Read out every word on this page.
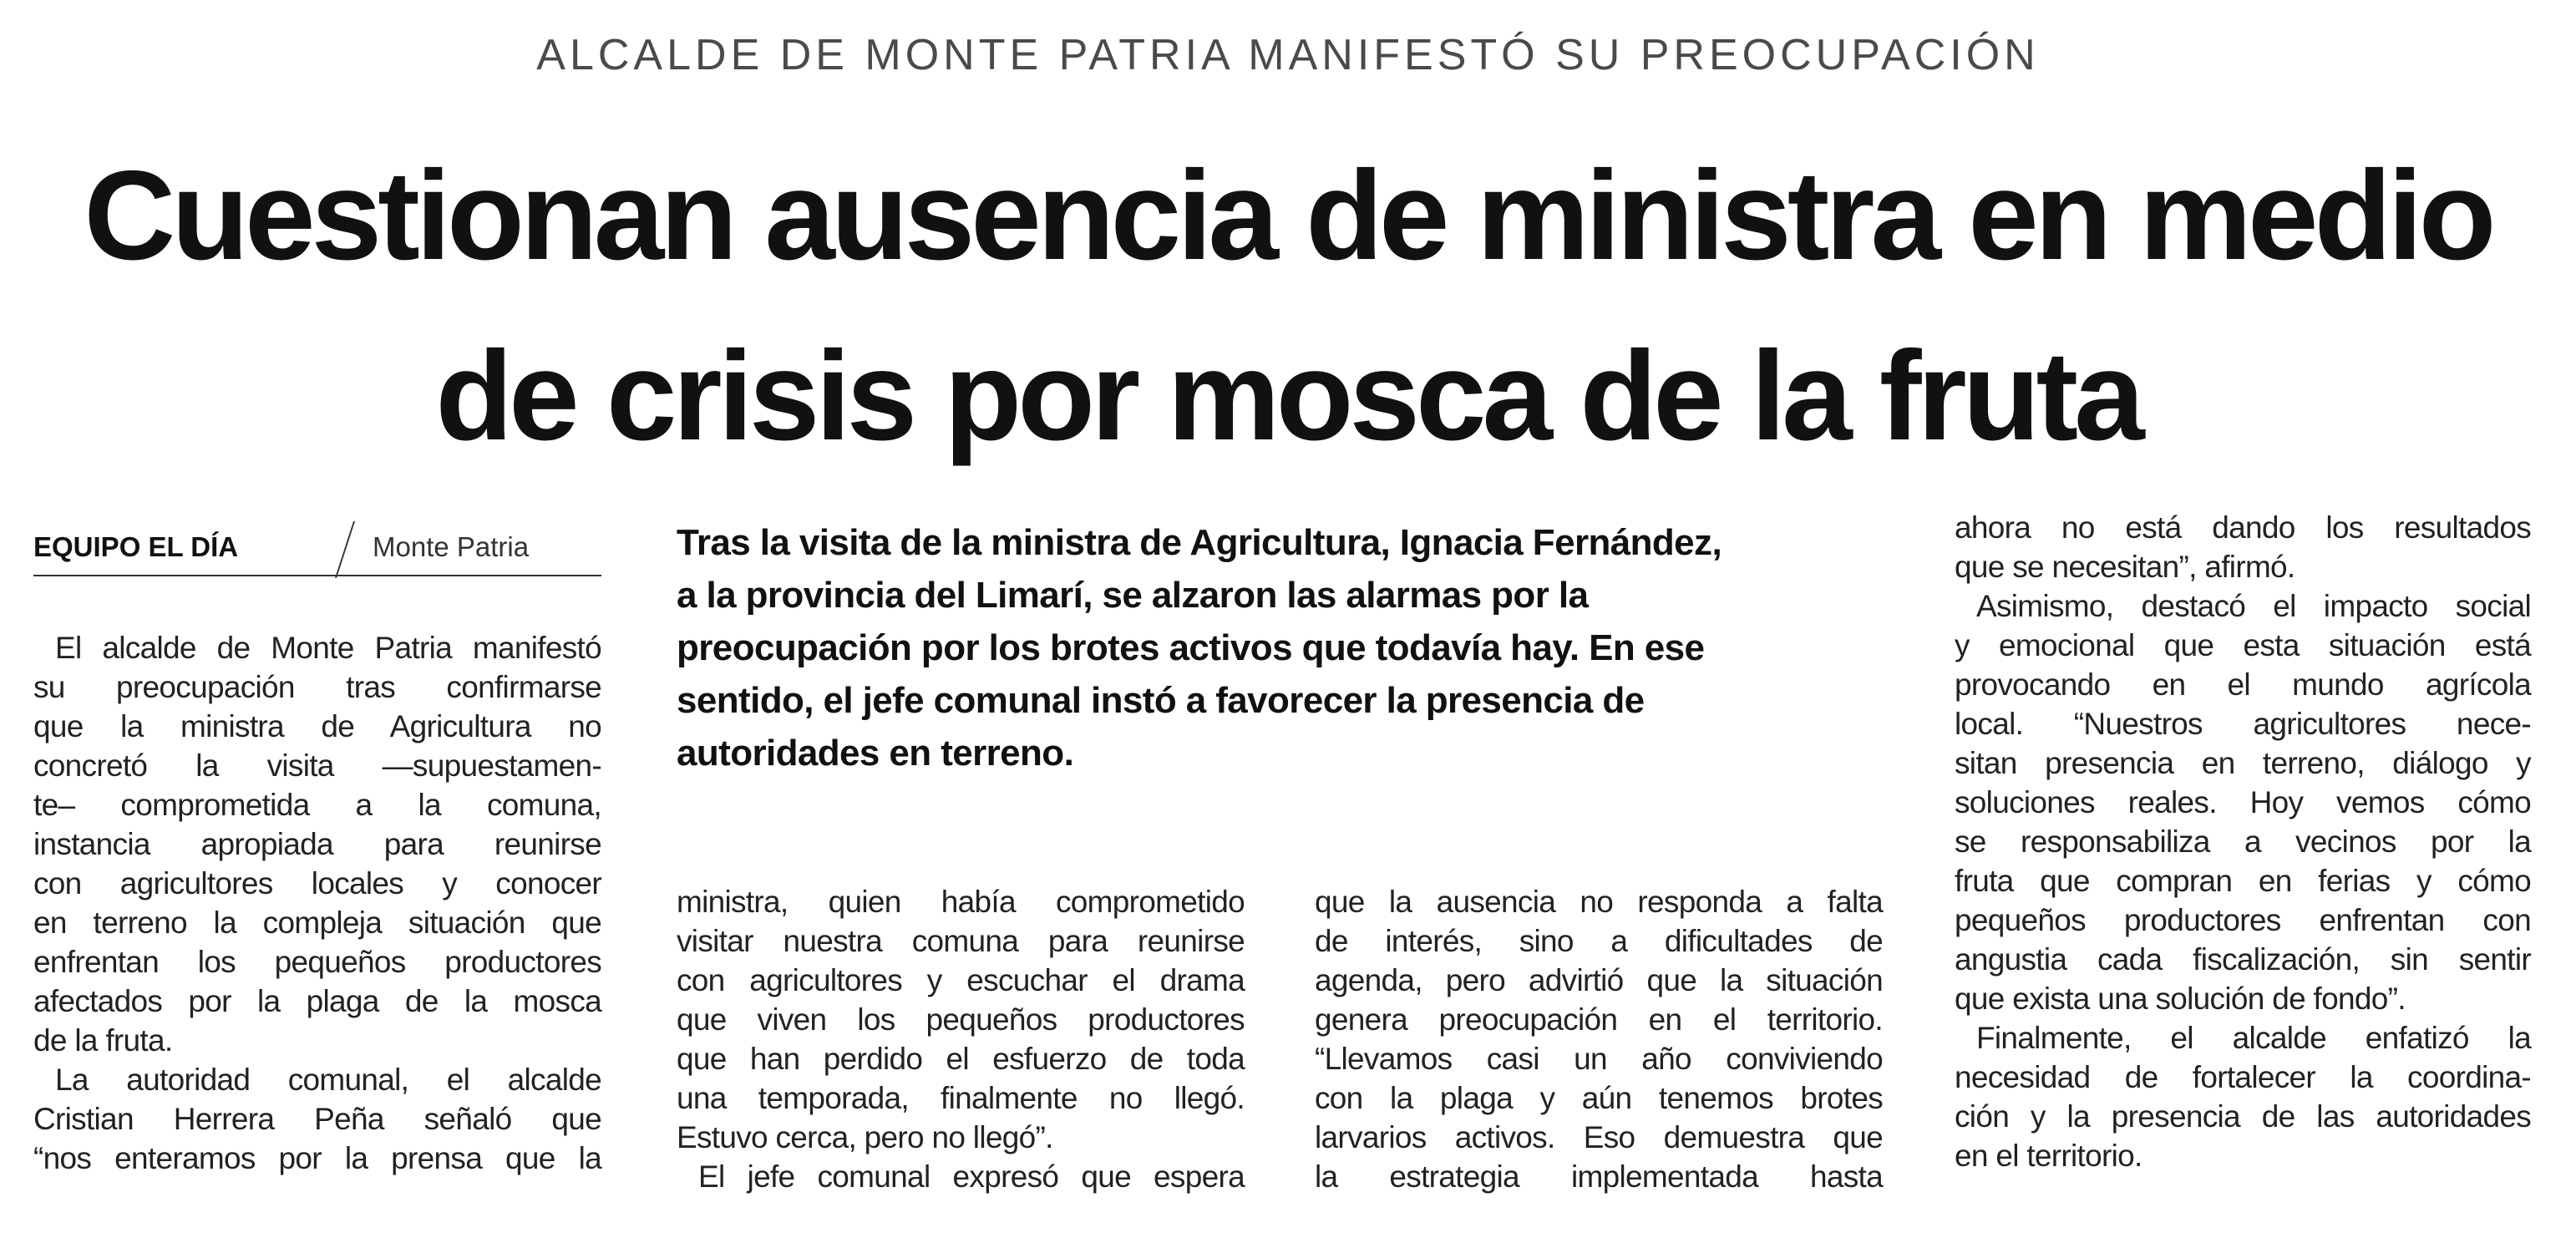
ALCALDE DE MONTE PATRIA MANIFESTÓ SU PREOCUPACIÓN
Cuestionan ausencia de ministra en medio
de crisis por mosca de la fruta
EQUIPO EL DÍA	Monte Patria	Tras la visita de la ministra de Agricultura, Ignacia Fernández,
a la provincia del Limarí, se alzaron las alarmas por la
preocupación por los brotes activos que todavía hay. En ese
sentido, el jefe comunal instó a favorecer la presencia de
autoridades en terreno.

El alcalde de Monte Patria manifestó
su preocupación tras confirmarse
que la ministra de Agricultura no
concretó la visita —supuestamen-
te– comprometida a la comuna,
instancia apropiada para reunirse
con agricultores locales y conocer
en terreno la compleja situación que
enfrentan los pequeños productores
afectados por la plaga de la mosca
de la fruta.
La autoridad comunal, el alcalde
Cristian Herrera Peña señaló que
“nos enteramos por la prensa que la
ministra, quien había comprometido
visitar nuestra comuna para reunirse
con agricultores y escuchar el drama
que viven los pequeños productores
que han perdido el esfuerzo de toda
una temporada, finalmente no llegó.
Estuvo cerca, pero no llegó”.
El jefe comunal expresó que espera
que la ausencia no responda a falta
de interés, sino a dificultades de
agenda, pero advirtió que la situación
genera preocupación en el territorio.
“Llevamos casi un año conviviendo
con la plaga y aún tenemos brotes
larvarios activos. Eso demuestra que
la estrategia implementada hasta
ahora no está dando los resultados
que se necesitan”, afirmó.
Asimismo, destacó el impacto social
y emocional que esta situación está
provocando en el mundo agrícola
local. “Nuestros agricultores nece-
sitan presencia en terreno, diálogo y
soluciones reales. Hoy vemos cómo
se responsabiliza a vecinos por la
fruta que compran en ferias y cómo
pequeños productores enfrentan con
angustia cada fiscalización, sin sentir
que exista una solución de fondo”.
Finalmente, el alcalde enfatizó la
necesidad de fortalecer la coordina-
ción y la presencia de las autoridades
en el territorio.
